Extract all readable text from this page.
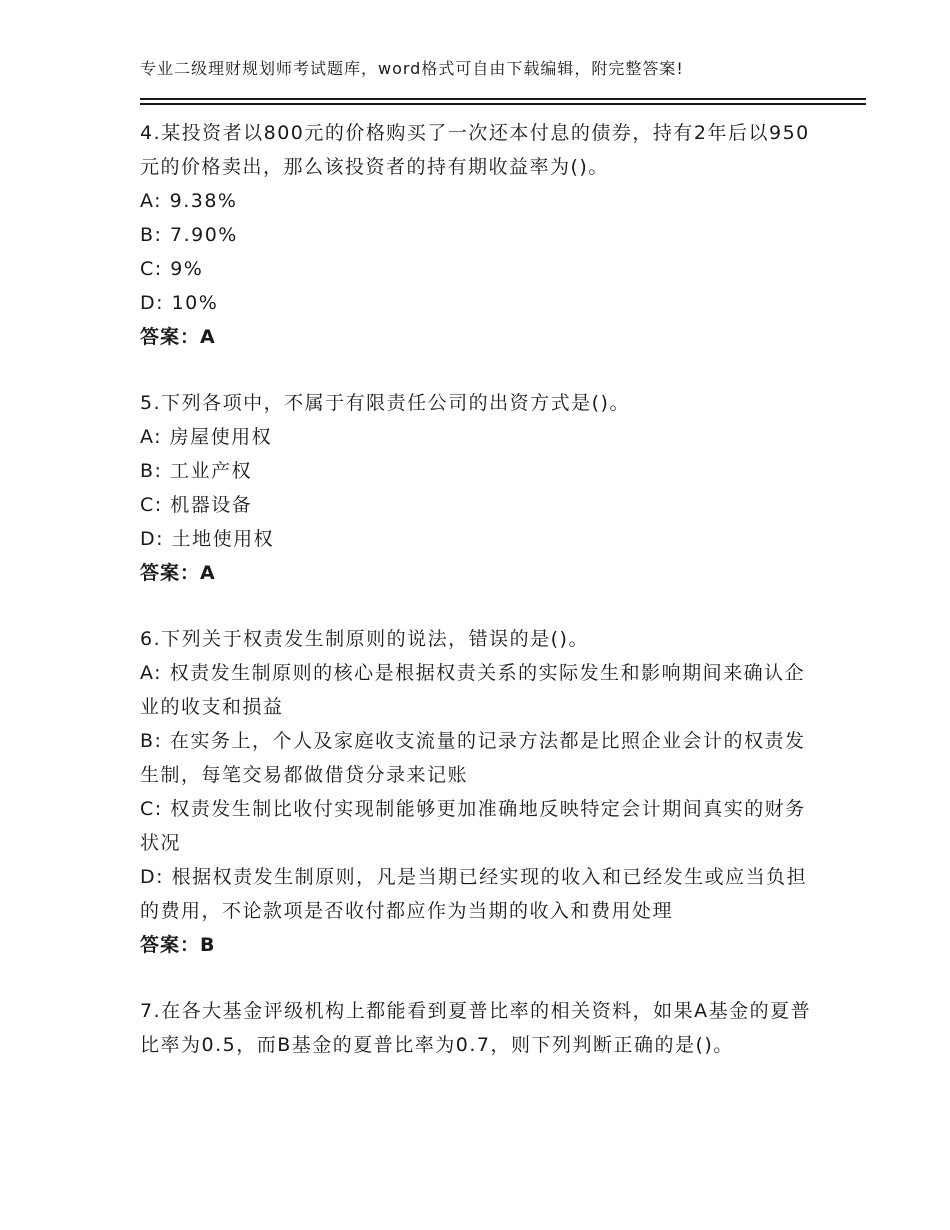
专业二级理财规划师考试题库，word格式可自由下载编辑，附完整答案!

4.某投资者以800元的价格购买了一次还本付息的债券，持有2年后以950元的价格卖出，那么该投资者的持有期收益率为()。

A: 9.38%

B: 7.90%

C: 9%

D: 10%

答案：A

5.下列各项中，不属于有限责任公司的出资方式是()。

A: 房屋使用权

B: 工业产权

C: 机器设备

D: 土地使用权

答案：A

6.下列关于权责发生制原则的说法，错误的是()。

A: 权责发生制原则的核心是根据权责关系的实际发生和影响期间来确认企业的收支和损益

B: 在实务上，个人及家庭收支流量的记录方法都是比照企业会计的权责发生制，每笔交易都做借贷分录来记账

C: 权责发生制比收付实现制能够更加准确地反映特定会计期间真实的财务状况

D: 根据权责发生制原则，凡是当期已经实现的收入和已经发生或应当负担的费用，不论款项是否收付都应作为当期的收入和费用处理

答案：B

7.在各大基金评级机构上都能看到夏普比率的相关资料，如果A基金的夏普比率为0.5，而B基金的夏普比率为0.7，则下列判断正确的是()。
